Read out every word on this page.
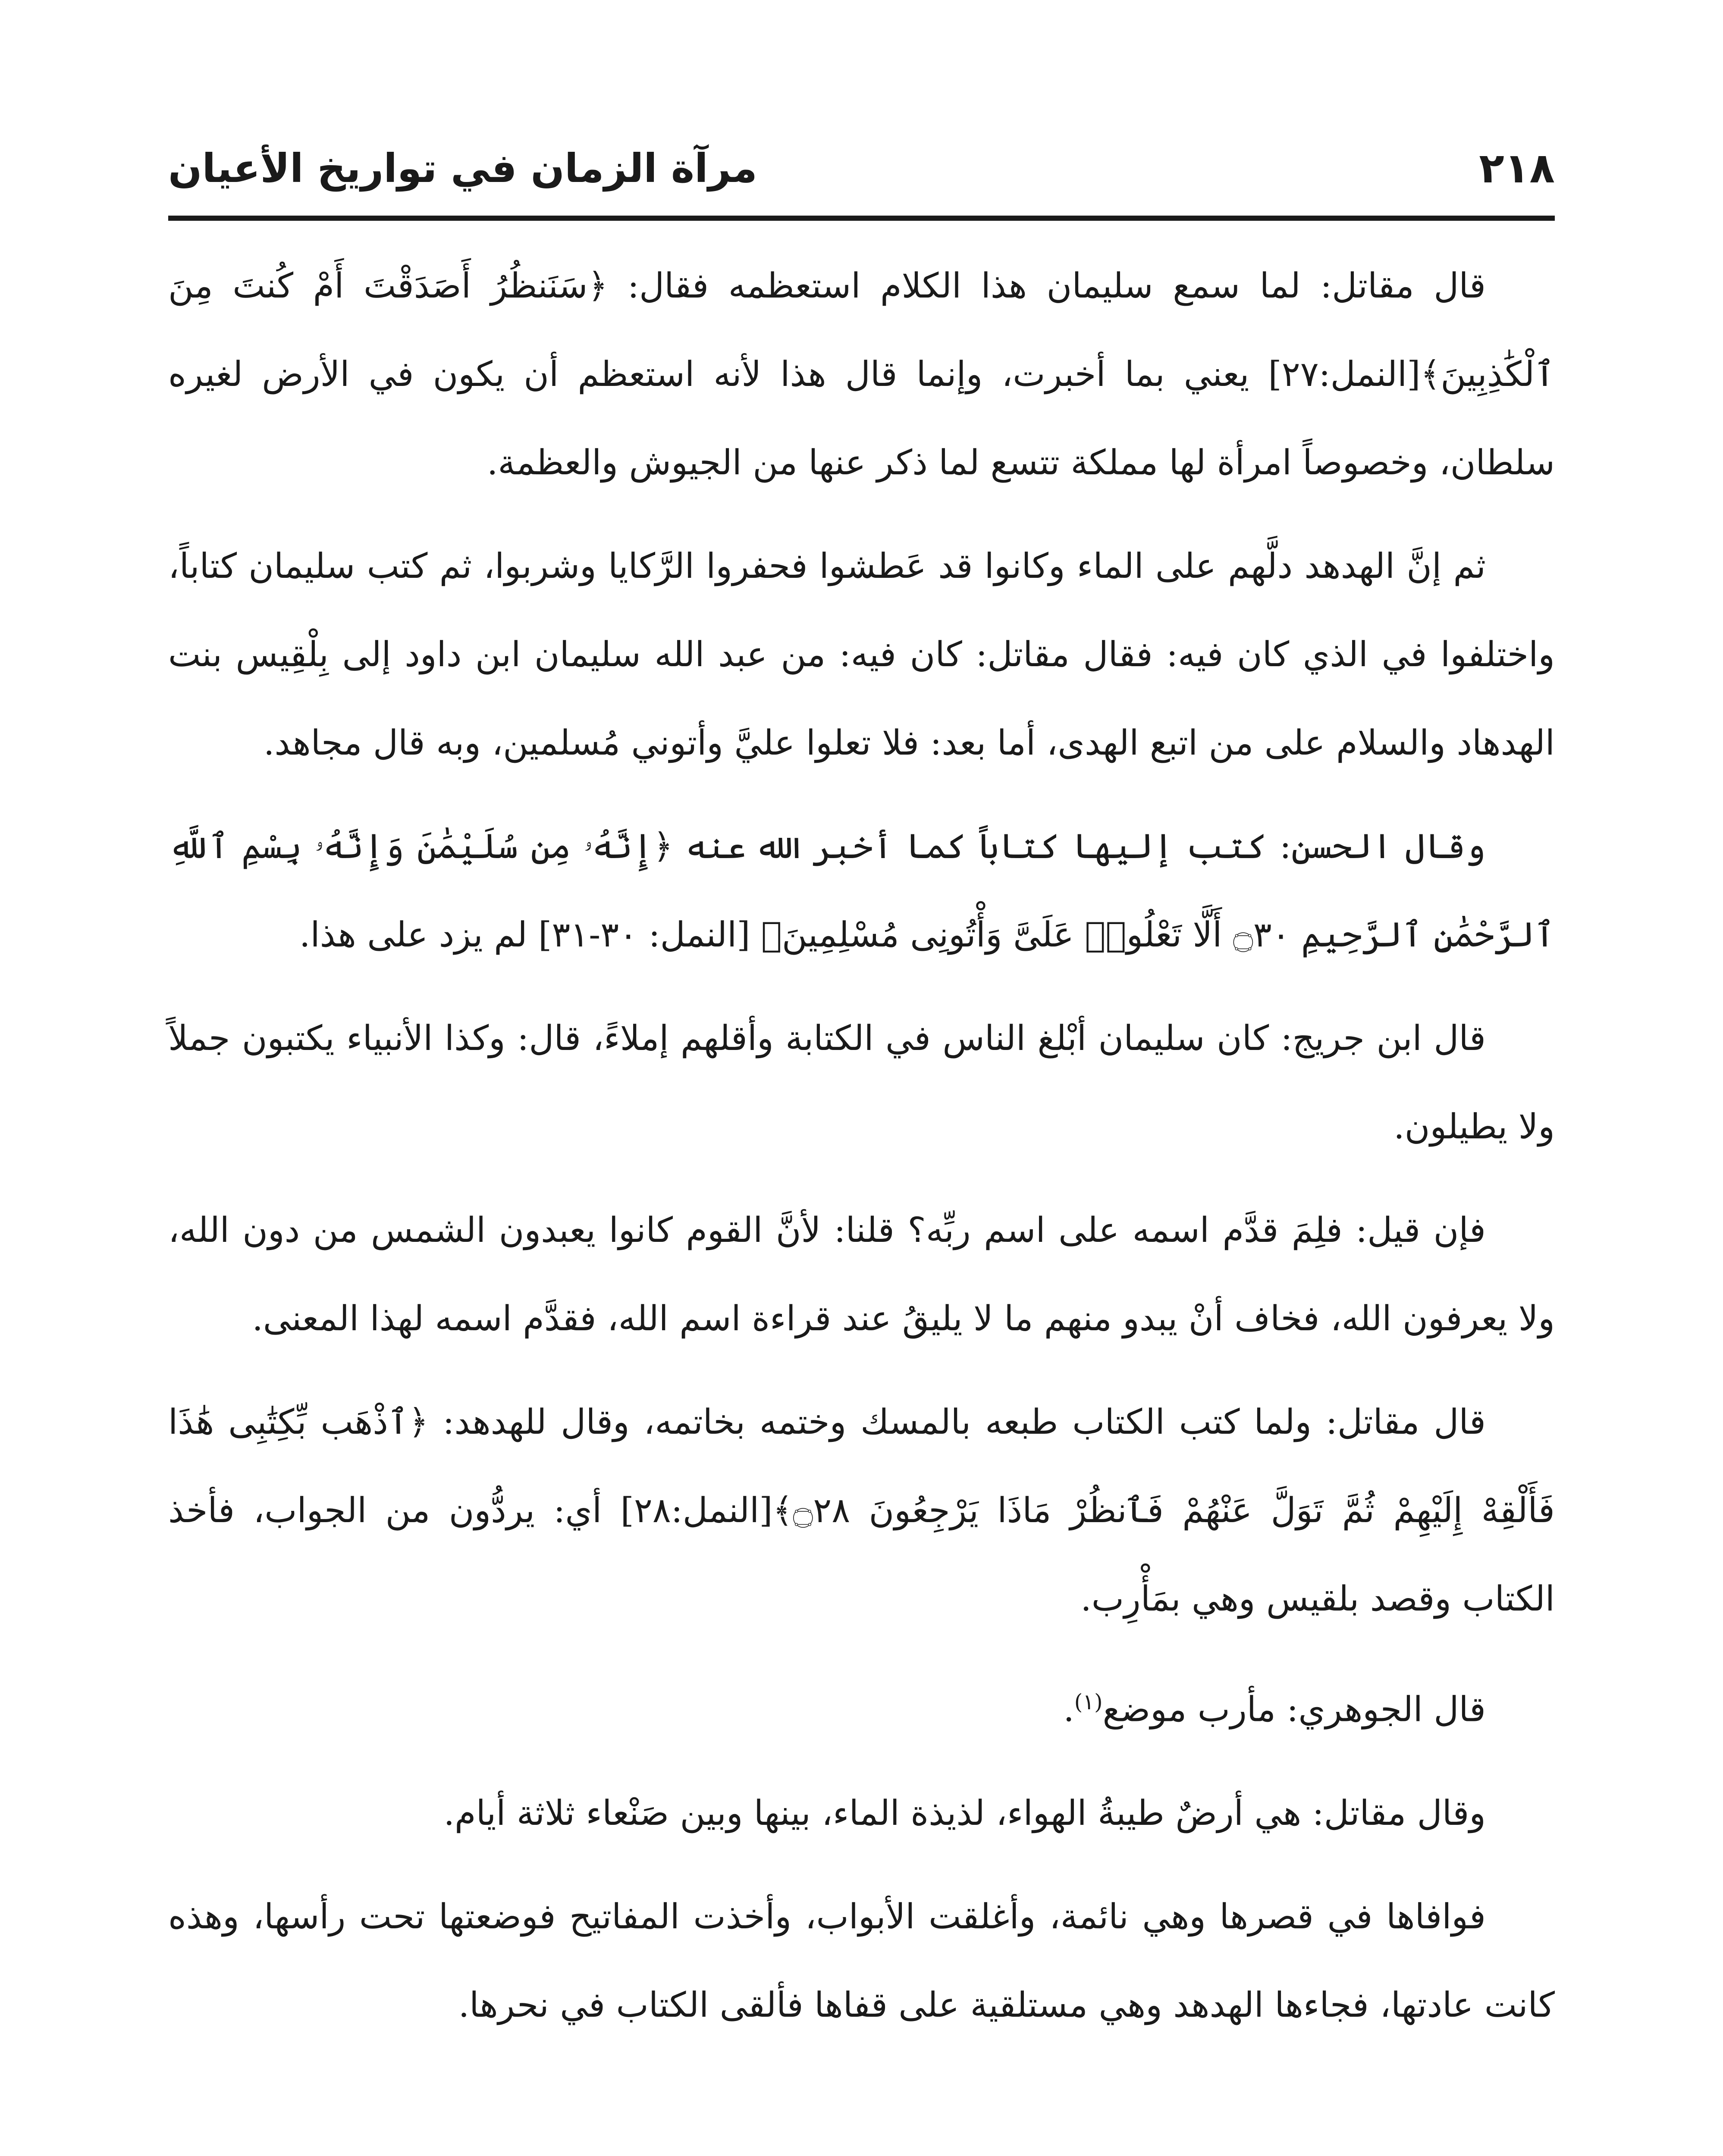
٢١٨
مرآة الزمان في تواريخ الأعيان

قال مقاتل: لما سمع سليمان هذا الكلام استعظمه فقال: ﴿سَنَنظُرُ أَصَدَقْتَ أَمْ كُنتَ مِنَ ٱلْكَٰذِبِينَ﴾[النمل:٢٧] يعني بما أخبرت، وإنما قال هذا لأنه استعظم أن يكون في الأرض لغيره سلطان، وخصوصاً امرأة لها مملكة تتسع لما ذكر عنها من الجيوش والعظمة.

ثم إنَّ الهدهد دلَّهم على الماء وكانوا قد عَطشوا فحفروا الرَّكايا وشربوا، ثم كتب سليمان كتاباً، واختلفوا في الذي كان فيه: فقال مقاتل: كان فيه: من عبد الله سليمان ابن داود إلى بِلْقِيس بنت الهدهاد والسلام على من اتبع الهدى، أما بعد: فلا تعلوا عليَّ وأتوني مُسلمين، وبه قال مجاهد.

وقال الحسن: كتب إليها كتاباً كما أخبر الله عنه ﴿إِنَّهُۥ مِن سُلَيْمَٰنَ وَإِنَّهُۥ بِسْمِ ٱللَّهِ ٱلرَّحْمَٰنِ ٱلرَّحِيمِ ۝٣٠ أَلَّا تَعْلُوا۟ عَلَىَّ وَأْتُونِى مُسْلِمِينَ﴾ [النمل: ٣٠-٣١] لم يزد على هذا.

قال ابن جريج: كان سليمان أبْلغ الناس في الكتابة وأقلهم إملاءً، قال: وكذا الأنبياء يكتبون جملاً ولا يطيلون.

فإن قيل: فلِمَ قدَّم اسمه على اسم ربِّه؟ قلنا: لأنَّ القوم كانوا يعبدون الشمس من دون الله، ولا يعرفون الله، فخاف أنْ يبدو منهم ما لا يليقُ عند قراءة اسم الله، فقدَّم اسمه لهذا المعنى.

قال مقاتل: ولما كتب الكتاب طبعه بالمسك وختمه بخاتمه، وقال للهدهد: ﴿ٱذْهَب بِّكِتَٰبِى هَٰذَا فَأَلْقِهْ إِلَيْهِمْ ثُمَّ تَوَلَّ عَنْهُمْ فَٱنظُرْ مَاذَا يَرْجِعُونَ ۝٢٨﴾[النمل:٢٨] أي: يردُّون من الجواب، فأخذ الكتاب وقصد بلقيس وهي بمَأْرِب.

قال الجوهري: مأرب موضع$^{(١)}$.

وقال مقاتل: هي أرضٌ طيبةُ الهواء، لذيذة الماء، بينها وبين صَنْعاء ثلاثة أيام.

فوافاها في قصرها وهي نائمة، وأغلقت الأبواب، وأخذت المفاتيح فوضعتها تحت رأسها، وهذه كانت عادتها، فجاءها الهدهد وهي مستلقية على قفاها فألقى الكتاب في نحرها.
